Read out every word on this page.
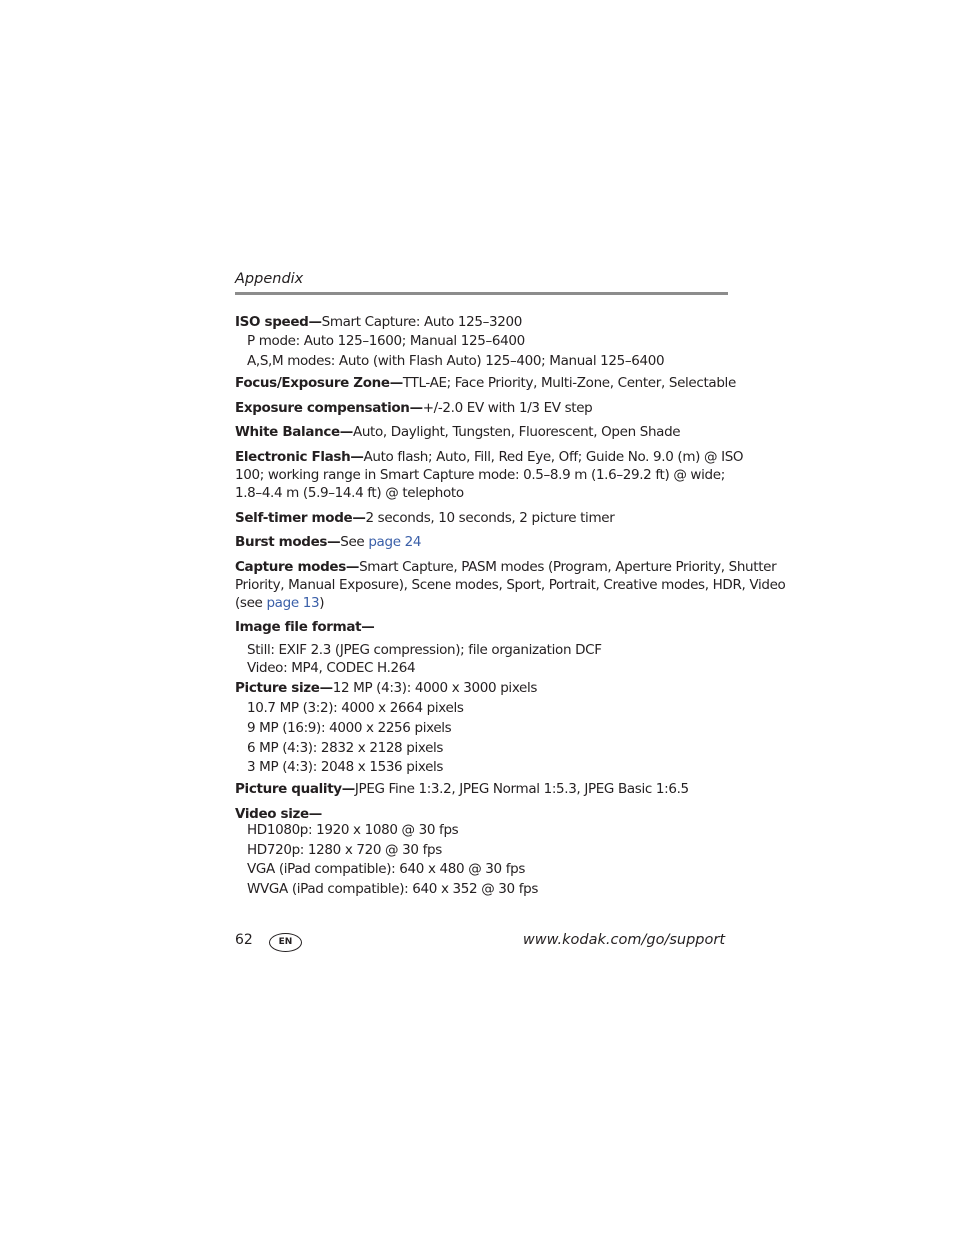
Appendix
ISO speed—Smart Capture: Auto 125–3200
P mode: Auto 125–1600; Manual 125–6400
A,S,M modes: Auto (with Flash Auto) 125–400; Manual 125–6400
Focus/Exposure Zone—TTL-AE; Face Priority, Multi-Zone, Center, Selectable
Exposure compensation—+/-2.0 EV with 1/3 EV step
White Balance—Auto, Daylight, Tungsten, Fluorescent, Open Shade
Electronic Flash—Auto flash; Auto, Fill, Red Eye, Off; Guide No. 9.0 (m) @ ISO
100; working range in Smart Capture mode: 0.5–8.9 m (1.6–29.2 ft) @ wide;
1.8–4.4 m (5.9–14.4 ft) @ telephoto
Self-timer mode—2 seconds, 10 seconds, 2 picture timer
Burst modes—See page 24
Capture modes—Smart Capture, PASM modes (Program, Aperture Priority, Shutter
Priority, Manual Exposure), Scene modes, Sport, Portrait, Creative modes, HDR, Video
(see page 13)
Image file format—
Still: EXIF 2.3 (JPEG compression); file organization DCF
Video: MP4, CODEC H.264
Picture size—12 MP (4:3): 4000 x 3000 pixels
10.7 MP (3:2): 4000 x 2664 pixels
9 MP (16:9): 4000 x 2256 pixels
6 MP (4:3): 2832 x 2128 pixels
3 MP (4:3): 2048 x 1536 pixels
Picture quality—JPEG Fine 1:3.2, JPEG Normal 1:5.3, JPEG Basic 1:6.5
Video size—
HD1080p: 1920 x 1080 @ 30 fps
HD720p: 1280 x 720 @ 30 fps
VGA (iPad compatible): 640 x 480 @ 30 fps
WVGA (iPad compatible): 640 x 352 @ 30 fps
62	EN	www.kodak.com/go/support
